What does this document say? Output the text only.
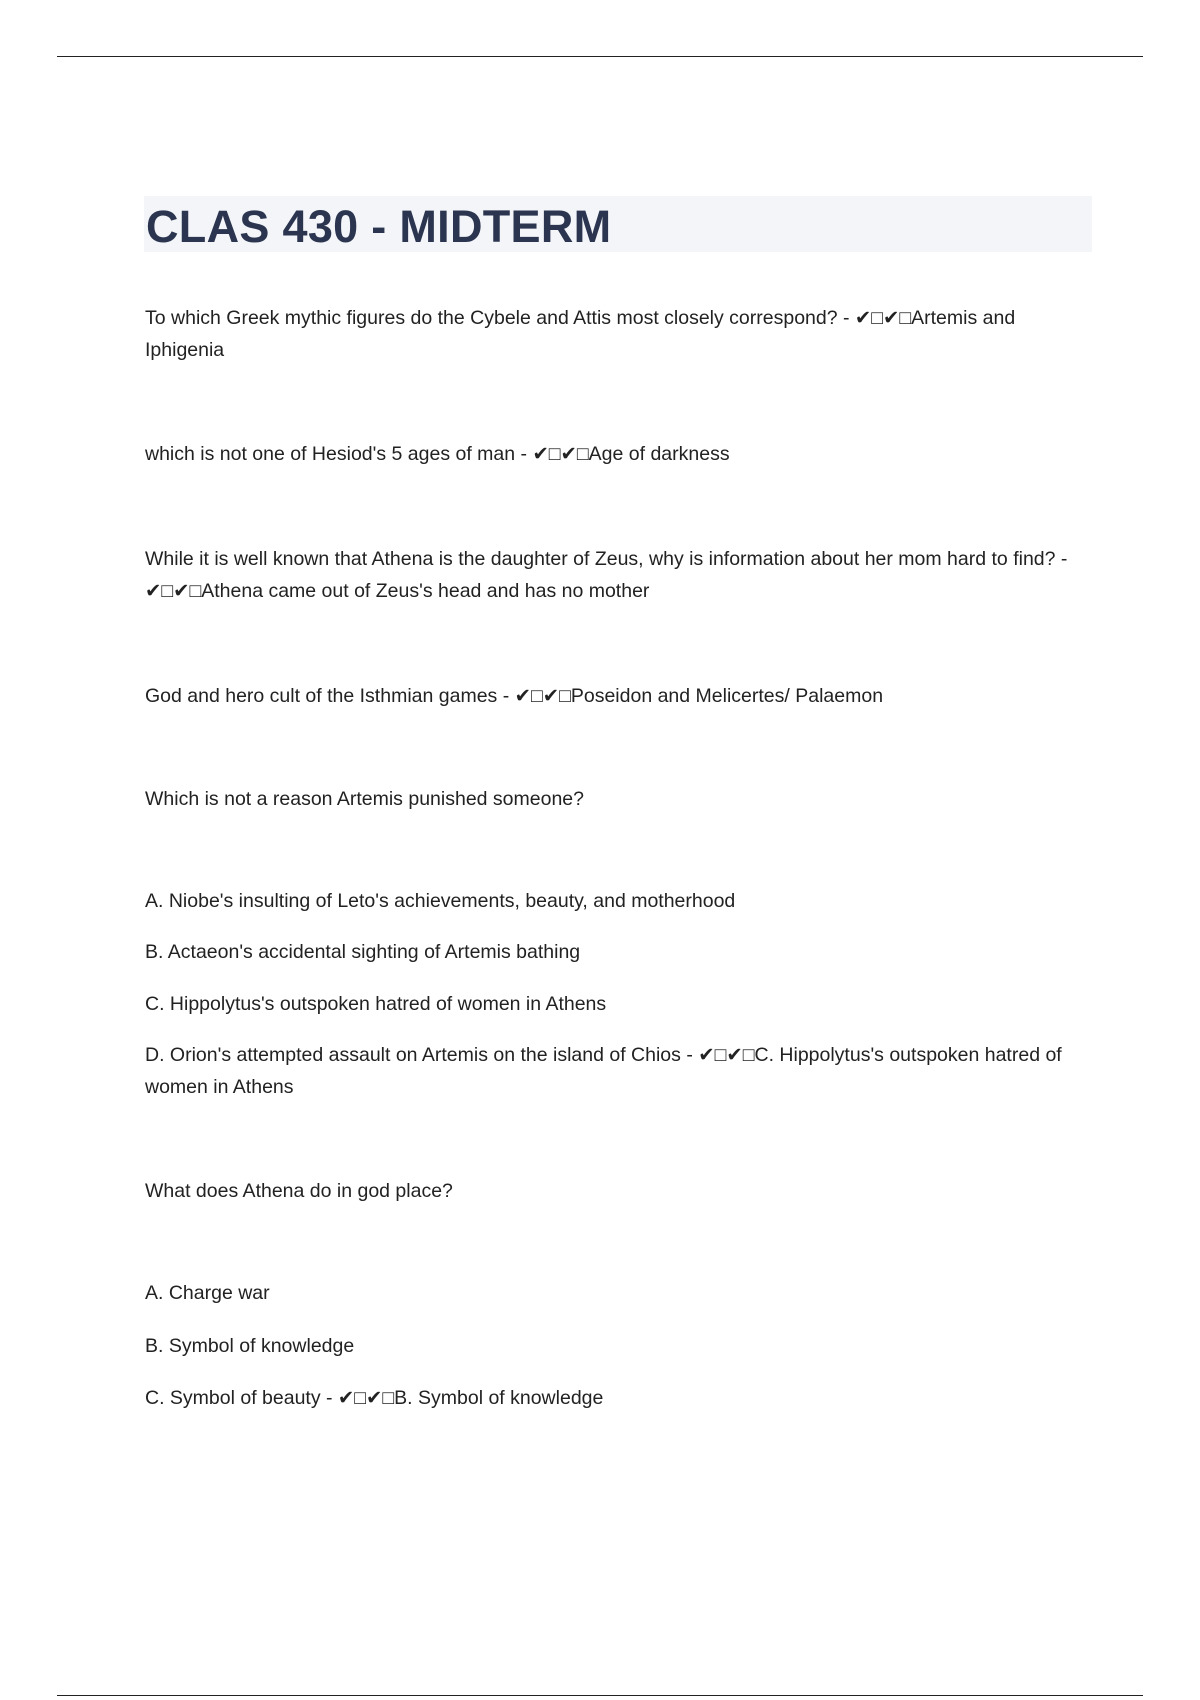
CLAS 430 - MIDTERM
To which Greek mythic figures do the Cybele and Attis most closely correspond? - ✔□✔□Artemis and Iphigenia
which is not one of Hesiod's 5 ages of man - ✔□✔□Age of darkness
While it is well known that Athena is the daughter of Zeus, why is information about her mom hard to find? - ✔□✔□Athena came out of Zeus's head and has no mother
God and hero cult of the Isthmian games - ✔□✔□Poseidon and Melicertes/ Palaemon
Which is not a reason Artemis punished someone?
A. Niobe's insulting of Leto's achievements, beauty, and motherhood
B. Actaeon's accidental sighting of Artemis bathing
C. Hippolytus's outspoken hatred of women in Athens
D. Orion's attempted assault on Artemis on the island of Chios - ✔□✔□C. Hippolytus's outspoken hatred of women in Athens
What does Athena do in god place?
A. Charge war
B. Symbol of knowledge
C. Symbol of beauty - ✔□✔□B. Symbol of knowledge
